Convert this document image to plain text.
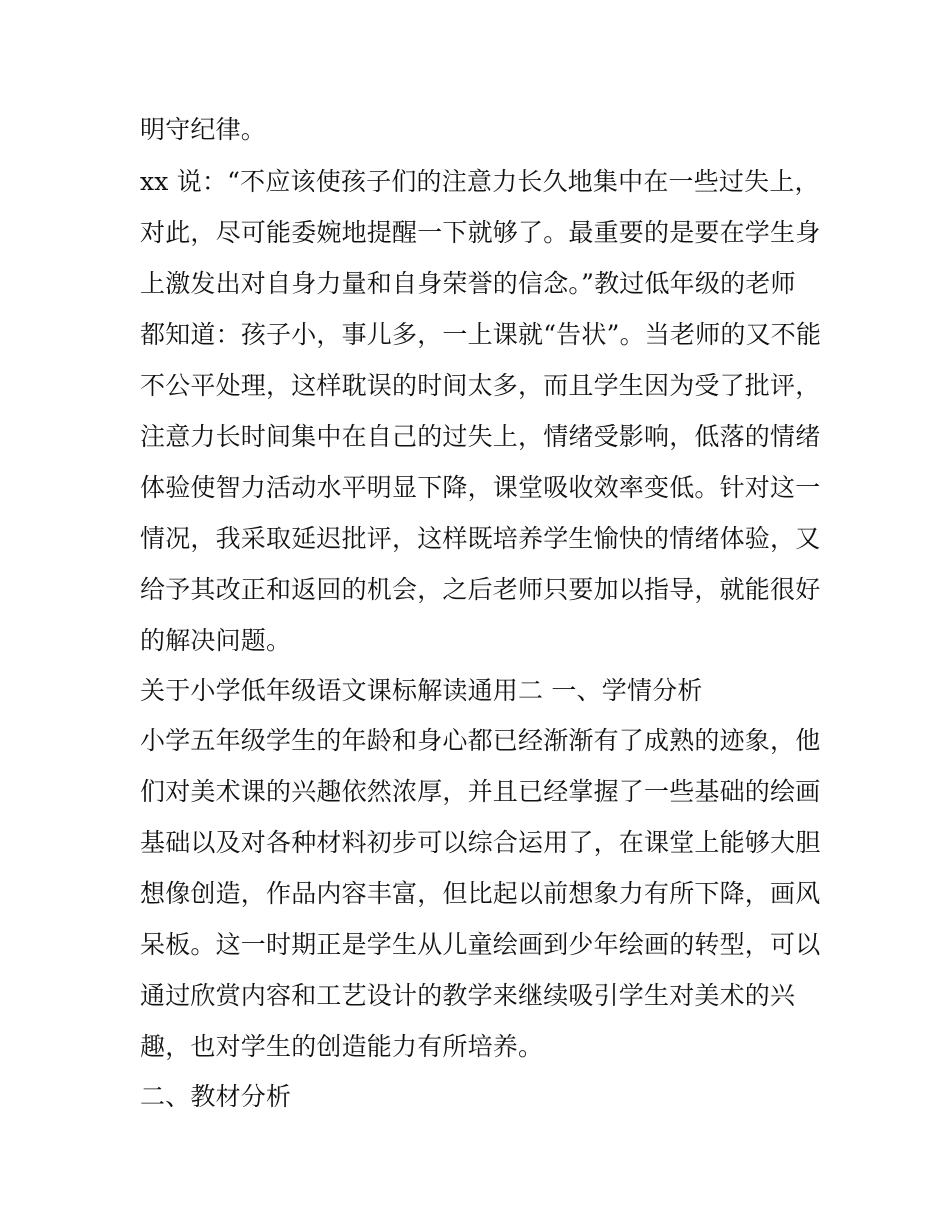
明守纪律。
xx 说：“不应该使孩子们的注意力长久地集中在一些过失上，
对此，尽可能委婉地提醒一下就够了。最重要的是要在学生身
上激发出对自身力量和自身荣誉的信念。”教过低年级的老师
都知道：孩子小，事儿多，一上课就“告状”。当老师的又不能
不公平处理，这样耽误的时间太多，而且学生因为受了批评，
注意力长时间集中在自己的过失上，情绪受影响，低落的情绪
体验使智力活动水平明显下降，课堂吸收效率变低。针对这一
情况，我采取延迟批评，这样既培养学生愉快的情绪体验，又
给予其改正和返回的机会，之后老师只要加以指导，就能很好
的解决问题。
关于小学低年级语文课标解读通用二 一、学情分析
小学五年级学生的年龄和身心都已经渐渐有了成熟的迹象，他
们对美术课的兴趣依然浓厚，并且已经掌握了一些基础的绘画
基础以及对各种材料初步可以综合运用了，在课堂上能够大胆
想像创造，作品内容丰富，但比起以前想象力有所下降，画风
呆板。这一时期正是学生从儿童绘画到少年绘画的转型，可以
通过欣赏内容和工艺设计的教学来继续吸引学生对美术的兴
趣，也对学生的创造能力有所培养。
二、教材分析
